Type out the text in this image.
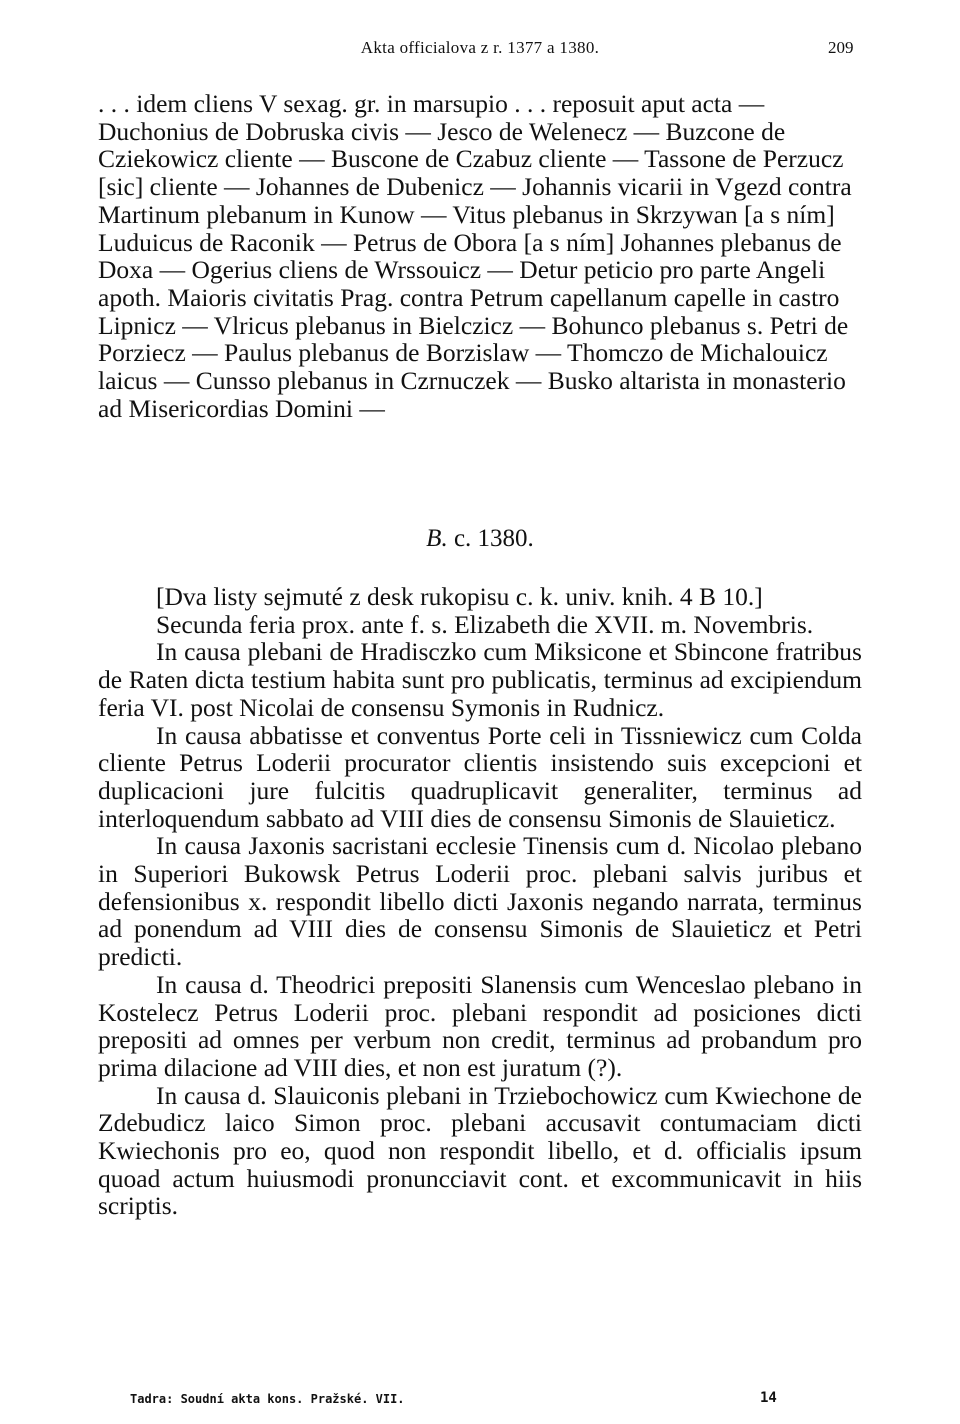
Akta officialova z r. 1377 a 1380.	209

. . . idem cliens V sexag. gr. in marsupio . . . reposuit aput acta — Duchonius de Dobruska civis — Jesco de Welenecz — Buzcone de Cziekowicz cliente — Buscone de Czabuz cliente — Tassone de Perzucz [sic] cliente — Johannes de Dubenicz — Johannis vicarii in Vgezd contra Martinum plebanum in Kunow — Vitus plebanus in Skrzywan [a s ním] Luduicus de Raconik — Petrus de Obora [a s ním] Johannes plebanus de Doxa — Ogerius cliens de Wrssouicz — Detur peticio pro parte Angeli apoth. Maioris civitatis Prag. contra Petrum capellanum capelle in castro Lipnicz — Vlricus plebanus in Bielczicz — Bohunco plebanus s. Petri de Porziecz — Paulus plebanus de Borzislaw — Thomczo de Michalouicz laicus — Cunsso plebanus in Czrnuczek — Busko altarista in monasterio ad Misericordias Domini —

B. c. 1380.

[Dva listy sejmuté z desk rukopisu c. k. univ. knih. 4 B 10.]

Secunda feria prox. ante f. s. Elizabeth die XVII. m. Novembris.

In causa plebani de Hradisczko cum Miksicone et Sbincone fratribus de Raten dicta testium habita sunt pro publicatis, terminus ad excipiendum feria VI. post Nicolai de consensu Symonis in Rudnicz.

In causa abbatisse et conventus Porte celi in Tissniewicz cum Colda cliente Petrus Loderii procurator clientis insistendo suis excepcioni et duplicacioni jure fulcitis quadruplicavit generaliter, terminus ad interloquendum sabbato ad VIII dies de consensu Simonis de Slauieticz.

In causa Jaxonis sacristani ecclesie Tinensis cum d. Nicolao plebano in Superiori Bukowsk Petrus Loderii proc. plebani salvis juribus et defensionibus x. respondit libello dicti Jaxonis negando narrata, terminus ad ponendum ad VIII dies de consensu Simonis de Slauieticz et Petri predicti.

In causa d. Theodrici prepositi Slanensis cum Wenceslao plebano in Kostelecz Petrus Loderii proc. plebani respondit ad posiciones dicti prepositi ad omnes per verbum non credit, terminus ad probandum pro prima dilacione ad VIII dies, et non est juratum (?).

In causa d. Slauiconis plebani in Trziebochowicz cum Kwiechone de Zdebudicz laico Simon proc. plebani accusavit contumaciam dicti Kwiechonis pro eo, quod non respondit libello, et d. officialis ipsum quoad actum huiusmodi pronuncciavit cont. et excommunicavit in hiis scriptis.

Tadra: Soudní akta kons. Pražské. VII.	14
